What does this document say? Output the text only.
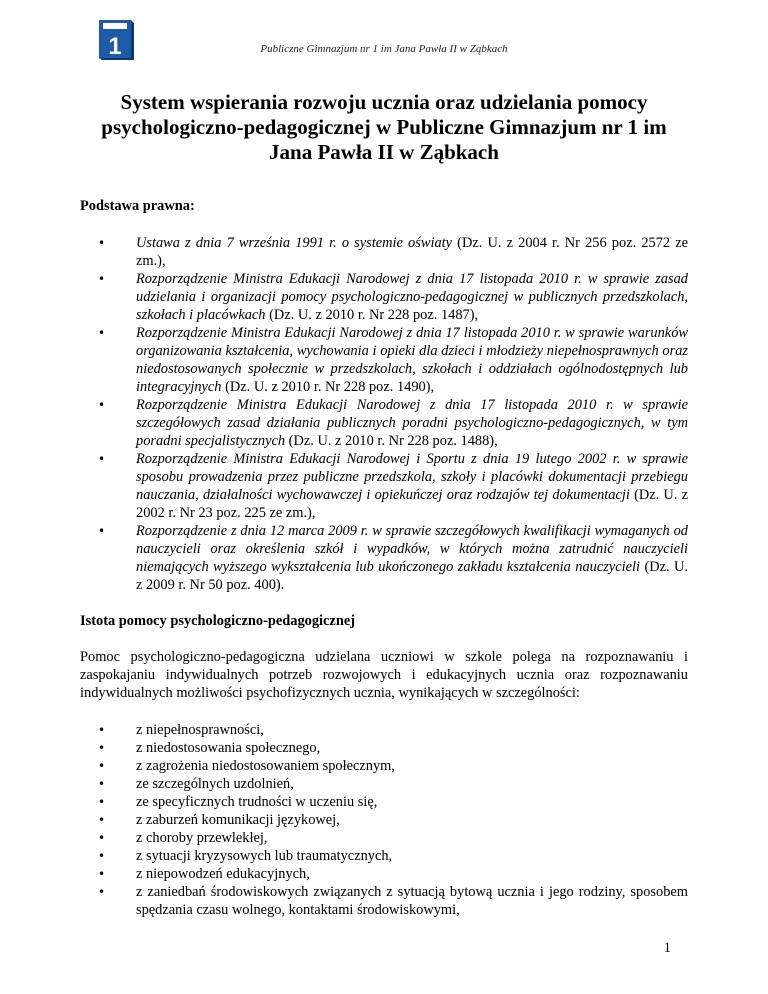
1	Publiczne Gimnazjum nr 1 im Jana Pawła II w Ząbkach
System wspierania rozwoju ucznia oraz udzielania pomocy psychologiczno-pedagogicznej w Publiczne Gimnazjum nr 1 im Jana Pawła II w Ząbkach

Podstawa prawna:

• Ustawa z dnia 7 września 1991 r. o systemie oświaty (Dz. U. z 2004 r. Nr 256 poz. 2572 ze zm.),
• Rozporządzenie Ministra Edukacji Narodowej z dnia 17 listopada 2010 r. w sprawie zasad udzielania i organizacji pomocy psychologiczno-pedagogicznej w publicznych przedszkolach, szkołach i placówkach (Dz. U. z 2010 r. Nr 228 poz. 1487),
• Rozporządzenie Ministra Edukacji Narodowej z dnia 17 listopada 2010 r. w sprawie warunków organizowania kształcenia, wychowania i opieki dla dzieci i młodzieży niepełnosprawnych oraz niedostosowanych społecznie w przedszkolach, szkołach i oddziałach ogólnodostępnych lub integracyjnych (Dz. U. z 2010 r. Nr 228 poz. 1490),
• Rozporządzenie Ministra Edukacji Narodowej z dnia 17 listopada 2010 r. w sprawie szczegółowych zasad działania publicznych poradni psychologiczno-pedagogicznych, w tym poradni specjalistycznych (Dz. U. z 2010 r. Nr 228 poz. 1488),
• Rozporządzenie Ministra Edukacji Narodowej i Sportu z dnia 19 lutego 2002 r. w sprawie sposobu prowadzenia przez publiczne przedszkola, szkoły i placówki dokumentacji przebiegu nauczania, działalności wychowawczej i opiekuńczej oraz rodzajów tej dokumentacji (Dz. U. z 2002 r. Nr 23 poz. 225 ze zm.),
• Rozporządzenie z dnia 12 marca 2009 r. w sprawie szczegółowych kwalifikacji wymaganych od nauczycieli oraz określenia szkół i wypadków, w których można zatrudnić nauczycieli niemających wyższego wykształcenia lub ukończonego zakładu kształcenia nauczycieli (Dz. U. z 2009 r. Nr 50 poz. 400).

Istota pomocy psychologiczno-pedagogicznej

Pomoc psychologiczno-pedagogiczna udzielana uczniowi w szkole polega na rozpoznawaniu i zaspokajaniu indywidualnych potrzeb rozwojowych i edukacyjnych ucznia oraz rozpoznawaniu indywidualnych możliwości psychofizycznych ucznia, wynikających w szczególności:

• z niepełnosprawności,
• z niedostosowania społecznego,
• z zagrożenia niedostosowaniem społecznym,
• ze szczególnych uzdolnień,
• ze specyficznych trudności w uczeniu się,
• z zaburzeń komunikacji językowej,
• z choroby przewlekłej,
• z sytuacji kryzysowych lub traumatycznych,
• z niepowodzeń edukacyjnych,
• z zaniedbań środowiskowych związanych z sytuacją bytową ucznia i jego rodziny, sposobem spędzania czasu wolnego, kontaktami środowiskowymi,
1
